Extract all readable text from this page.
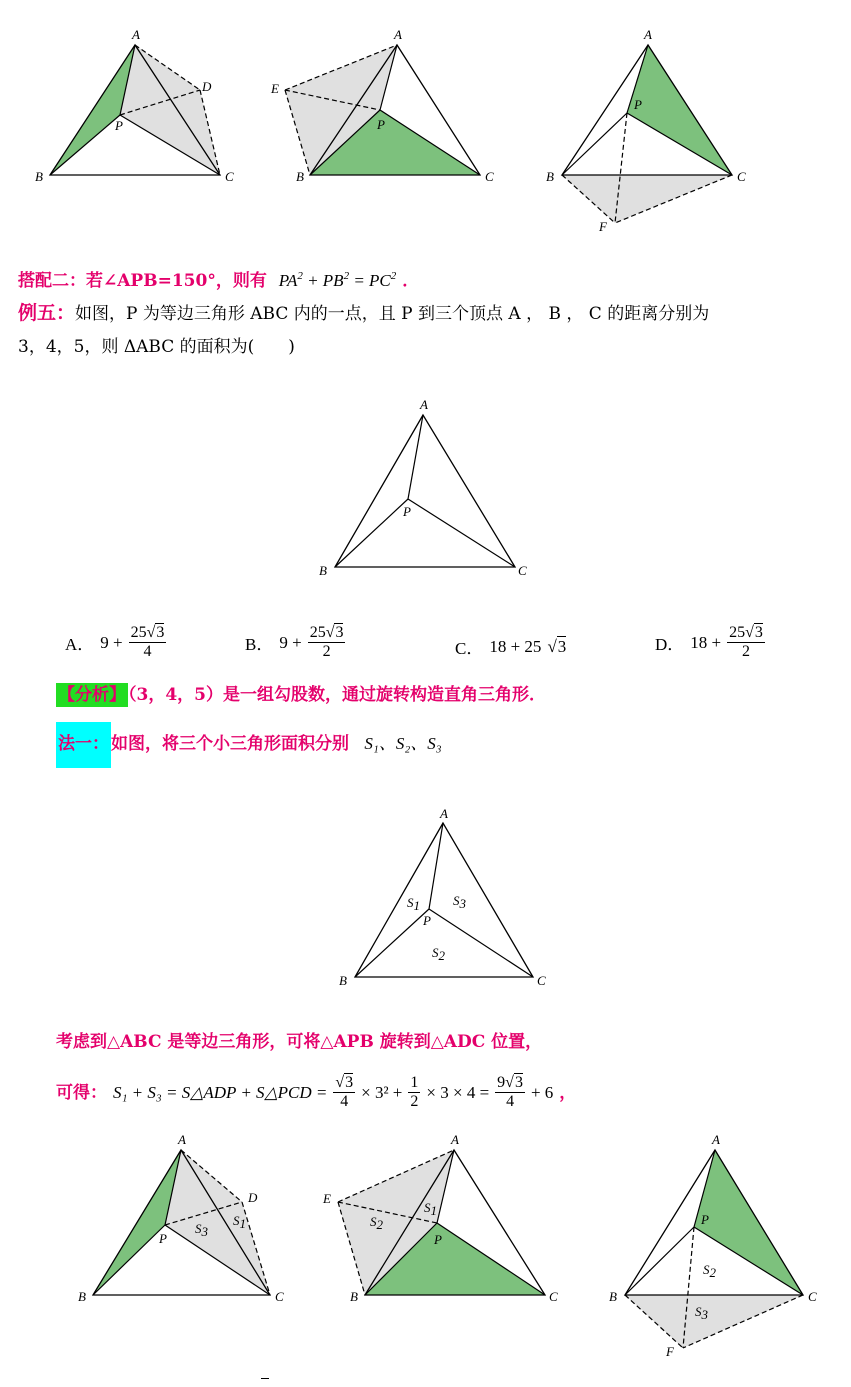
A
B	C
D
P
A
B	C
E
P
A
B	C
F
P
搭配二：若∠APB=150°，则有 $PA^2 + PB^2 = PC^2$ ．
例五：如图，P 为等边三角形 ABC 内的一点，且 P 到三个顶点 A ， B ， C 的距离分别为
3，4，5，则 ΔABC 的面积为(　　)
A
B	C
P
A． $9 + \frac{25√3}{4}$	B． $9 + \frac{25√3}{2}$	C． 18 + 25 √3	D． $18 + \frac{25√3}{2}$
【分析】 （3，4，5）是一组勾股数，通过旋转构造直角三角形．
法一： 如图，将三个小三角形面积分别 S₁、S₂、S₃
A
B	C
P
S1	S3
S2
考虑到△ABC 是等边三角形，可将△APB 旋转到△ADC 位置，
可得： S₁ + S₃ = S△ADP + S△PCD = $\frac{√3}{4} \times 3^2 + \frac{1}{2} \times 3 \times 4 = \frac{9√3}{4} + 6$ ，
A
B	C
D
P
S3
S1
A
B	C
E
P
S2
S1
A
B	C
F
P
S2
S3
